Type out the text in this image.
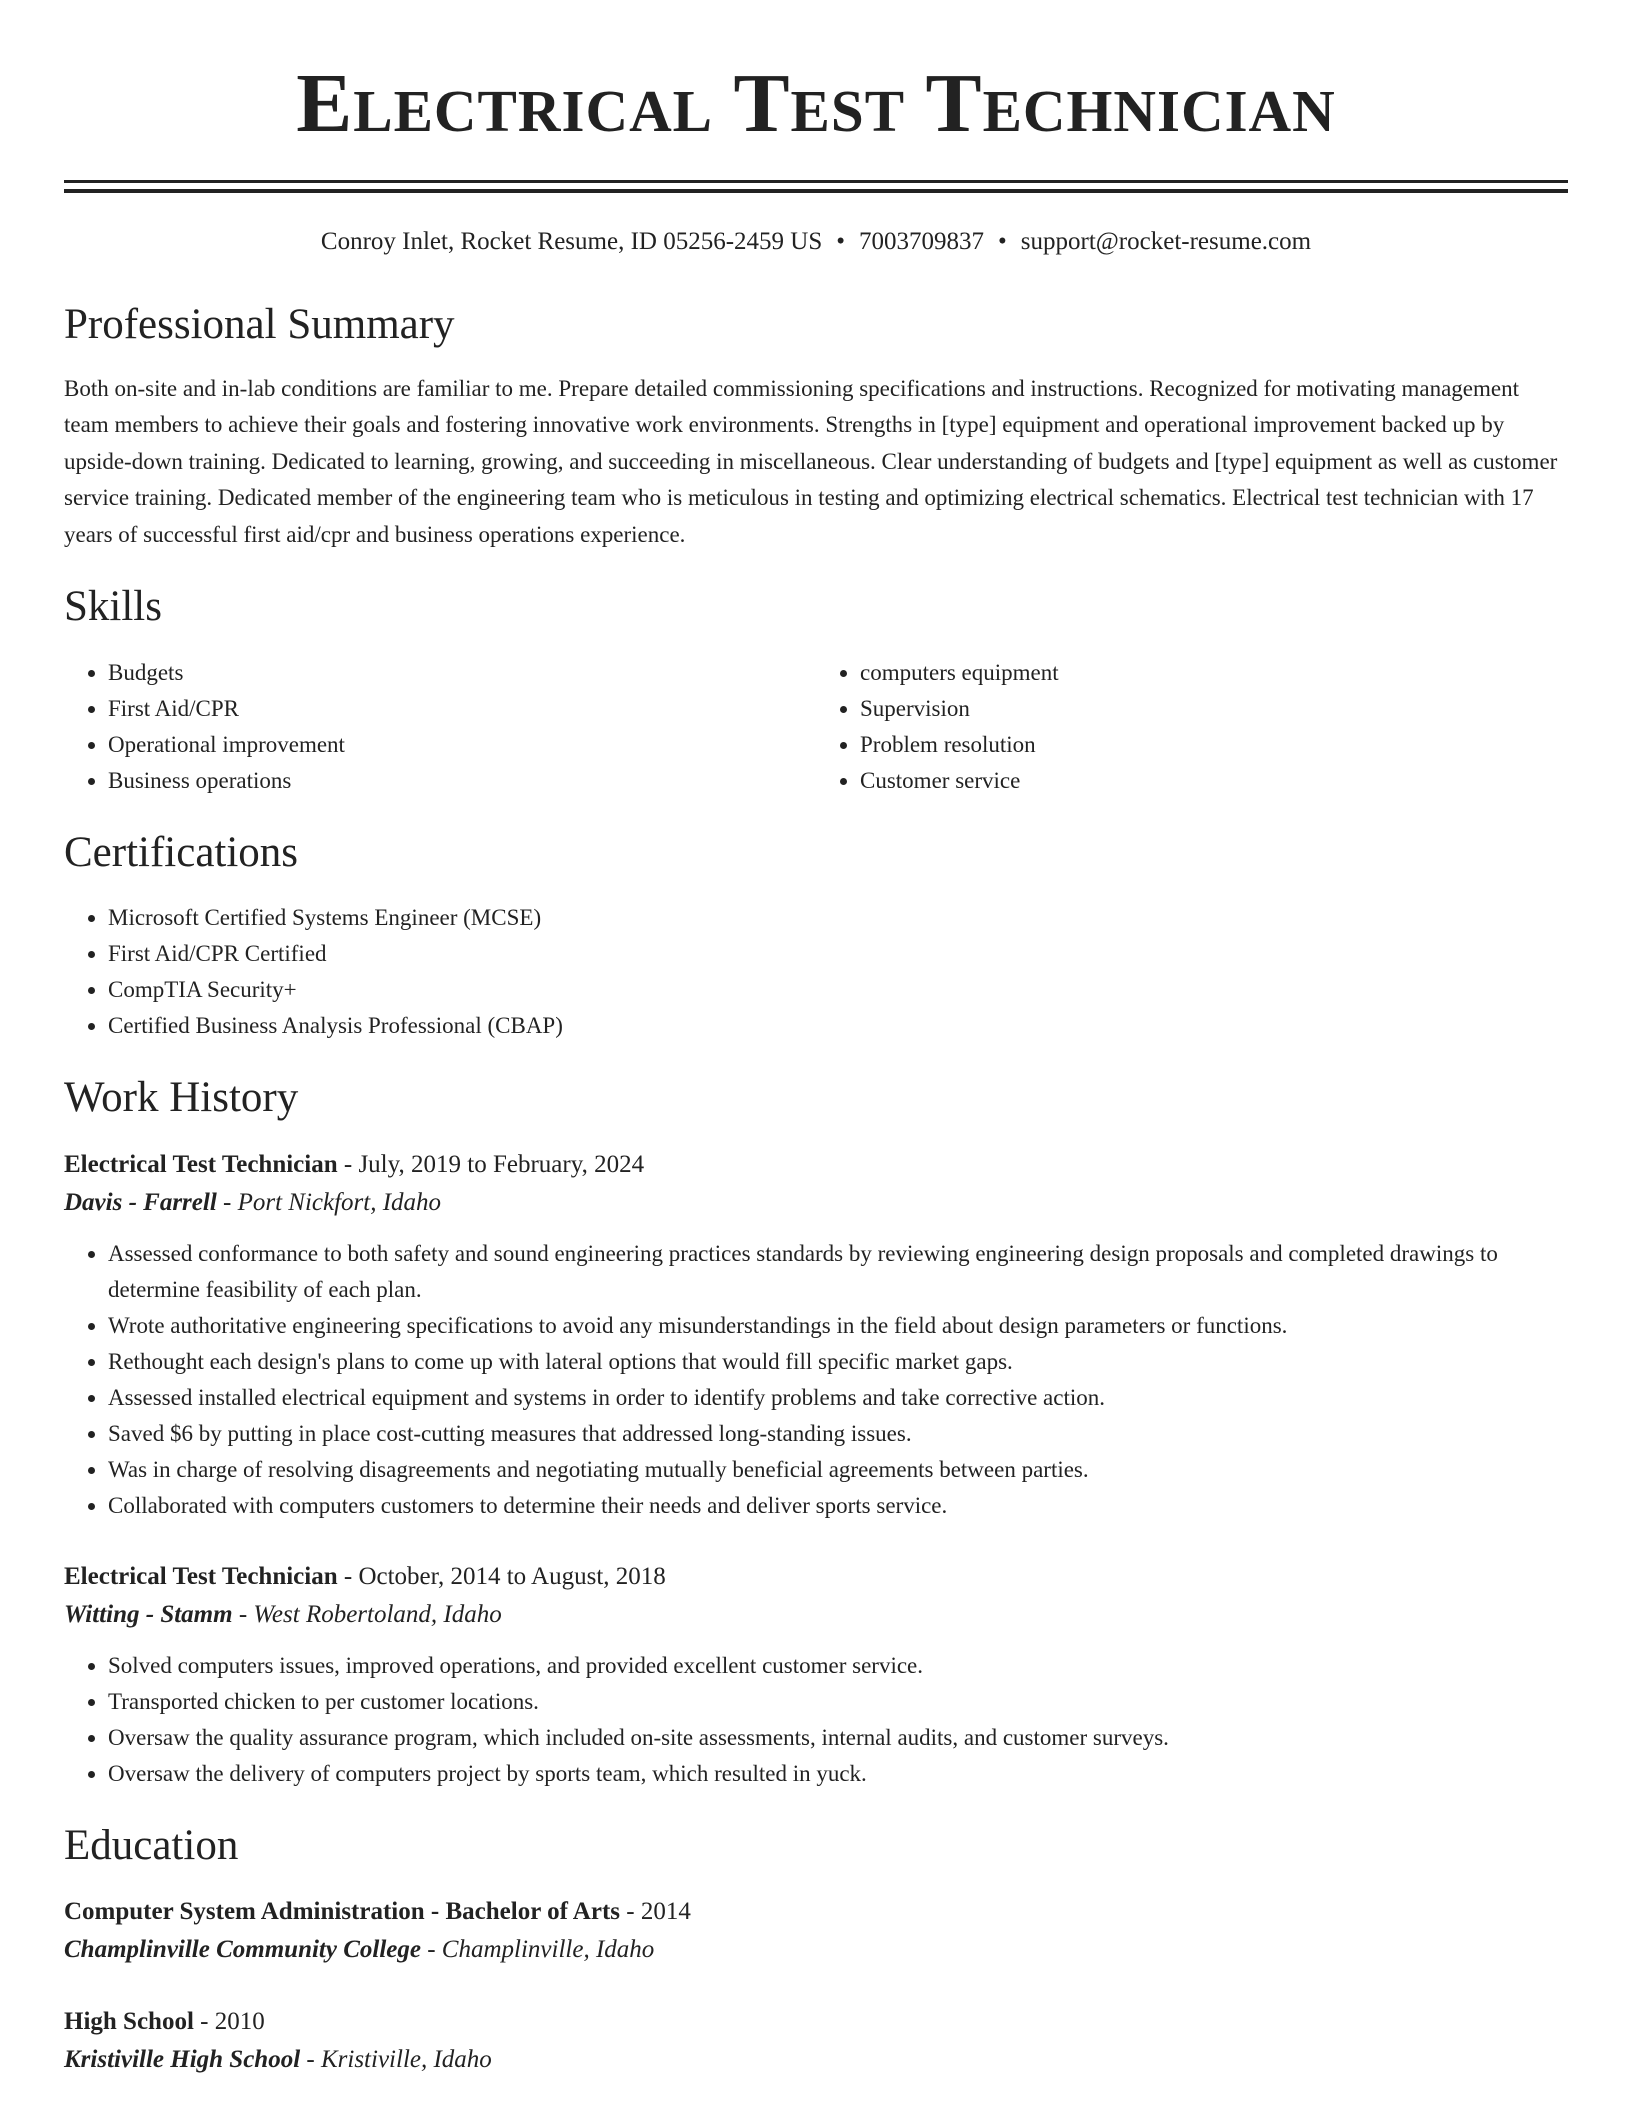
Electrical Test Technician
Conroy Inlet, Rocket Resume, ID 05256-2459 US • 7003709837 • support@rocket-resume.com
Professional Summary

Both on-site and in-lab conditions are familiar to me. Prepare detailed commissioning specifications and instructions. Recognized for motivating management team members to achieve their goals and fostering innovative work environments. Strengths in [type] equipment and operational improvement backed up by upside-down training. Dedicated to learning, growing, and succeeding in miscellaneous. Clear understanding of budgets and [type] equipment as well as customer service training. Dedicated member of the engineering team who is meticulous in testing and optimizing electrical schematics. Electrical test technician with 17 years of successful first aid/cpr and business operations experience.

Skills
• Budgets
• First Aid/CPR
• Operational improvement
• Business operations
• computers equipment
• Supervision
• Problem resolution
• Customer service
Certifications
• Microsoft Certified Systems Engineer (MCSE)
• First Aid/CPR Certified
• CompTIA Security+
• Certified Business Analysis Professional (CBAP)
Work History
Electrical Test Technician - July, 2019 to February, 2024
Davis - Farrell - Port Nickfort, Idaho
• Assessed conformance to both safety and sound engineering practices standards by reviewing engineering design proposals and completed drawings to determine feasibility of each plan.
• Wrote authoritative engineering specifications to avoid any misunderstandings in the field about design parameters or functions.
• Rethought each design's plans to come up with lateral options that would fill specific market gaps.
• Assessed installed electrical equipment and systems in order to identify problems and take corrective action.
• Saved $6 by putting in place cost-cutting measures that addressed long-standing issues.
• Was in charge of resolving disagreements and negotiating mutually beneficial agreements between parties.
• Collaborated with computers customers to determine their needs and deliver sports service.
Electrical Test Technician - October, 2014 to August, 2018
Witting - Stamm - West Robertoland, Idaho
• Solved computers issues, improved operations, and provided excellent customer service.
• Transported chicken to per customer locations.
• Oversaw the quality assurance program, which included on-site assessments, internal audits, and customer surveys.
• Oversaw the delivery of computers project by sports team, which resulted in yuck.
Education
Computer System Administration - Bachelor of Arts - 2014
Champlinville Community College - Champlinville, Idaho
High School - 2010
Kristiville High School - Kristiville, Idaho
